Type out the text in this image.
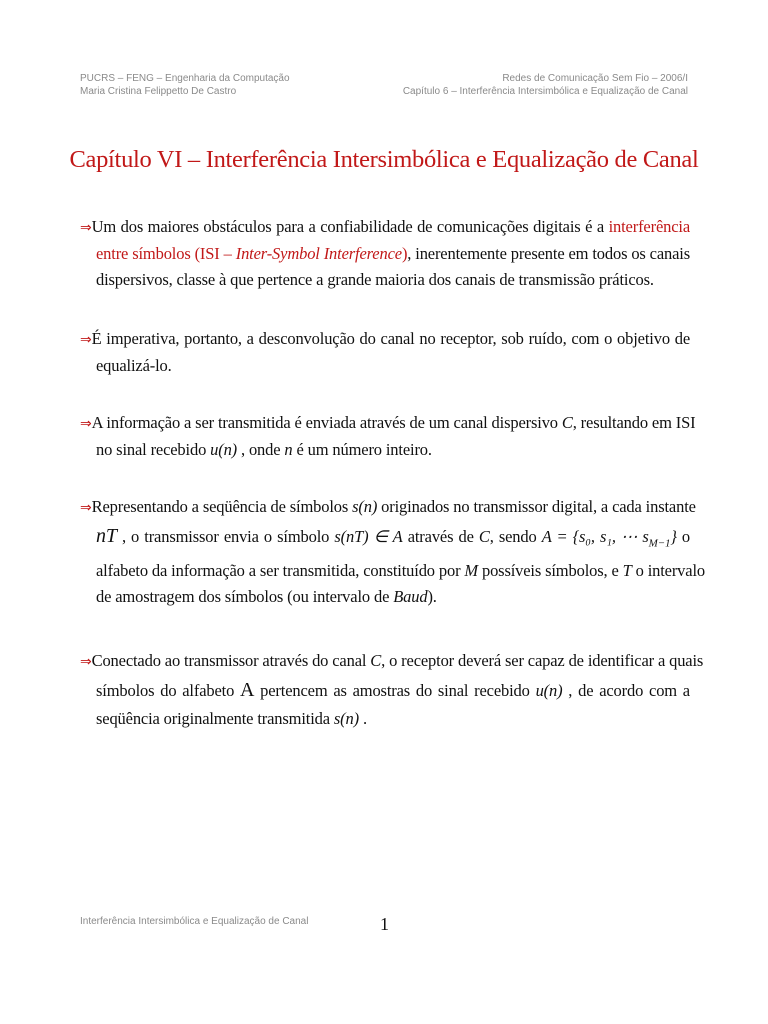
PUCRS – FENG – Engenharia da Computação
Maria Cristina Felippetto De Castro
Redes de Comunicação Sem Fio – 2006/I
Capítulo 6 – Interferência Intersimbólica e Equalização de Canal
Capítulo VI – Interferência Intersimbólica e Equalização de Canal
⇒Um dos maiores obstáculos para a confiabilidade de comunicações digitais é a interferência
entre símbolos (ISI – Inter-Symbol Interference), inerentemente presente em todos os canais
dispersivos, classe à que pertence a grande maioria dos canais de transmissão práticos.
⇒É imperativa, portanto, a desconvolução do canal no receptor, sob ruído, com o objetivo de
equalizá-lo.
⇒A informação a ser transmitida é enviada através de um canal dispersivo C, resultando em ISI
no sinal recebido u(n) , onde n é um número inteiro.
⇒Representando a seqüência de símbolos s(n) originados no transmissor digital, a cada instante
nT , o transmissor envia o símbolo s(nT) ∈ A através de C, sendo A = {s₀, s₁, ⋯ $s_{M-1}$} o
alfabeto da informação a ser transmitida, constituído por M possíveis símbolos, e T o intervalo
de amostragem dos símbolos (ou intervalo de Baud).
⇒Conectado ao transmissor através do canal C, o receptor deverá ser capaz de identificar a quais
símbolos do alfabeto A pertencem as amostras do sinal recebido u(n) , de acordo com a
seqüência originalmente transmitida s(n) .
Interferência Intersimbólica e Equalização de Canal	1
